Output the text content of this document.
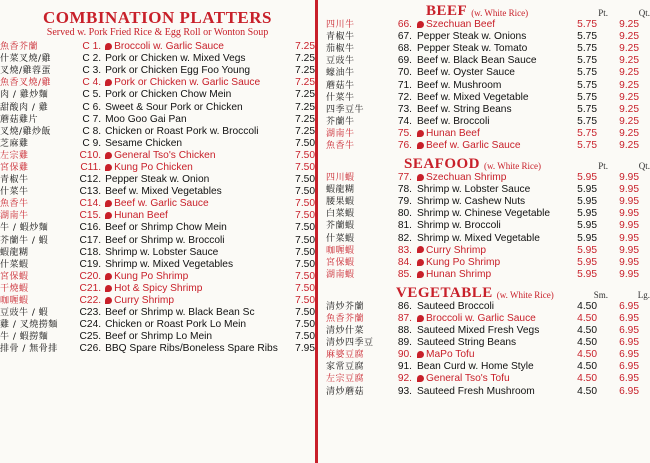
COMBINATION PLATTERS
Served w. Pork Fried Rice & Egg Roll or Wonton Soup
魚香芥蘭	C 1.	Broccoli w. Garlic Sauce	7.25
什菜叉燒/雞	C 2. Pork or Chicken w. Mixed Vegs	7.25
叉燒/雞蓉蛋	C 3. Pork or Chicken Egg Foo Young	7.25
魚香叉燒/雞	C 4.	Pork or Chicken w. Garlic Sauce	7.25
肉 / 雞炒麵	C 5. Pork or Chicken Chow Mein	7.25
甜酸肉 / 雞	C 6. Sweet & Sour Pork or Chicken	7.25
蘑菇雞片	C 7. Moo Goo Gai Pan	7.25
叉燒/雞炒飯	C 8. Chicken or Roast Pork w. Broccoli	7.25
芝麻雞	C 9. Sesame Chicken	7.50
左宗雞	C10.	General Tso's Chicken	7.50
宮保雞	C11.	Kung Po Chicken	7.50
青椒牛	C12. Pepper Steak w. Onion	7.50
什菜牛	C13. Beef w. Mixed Vegetables	7.50
魚香牛	C14.	Beef w. Garlic Sauce	7.50
湖南牛	C15.	Hunan Beef	7.50
牛 / 蝦炒麵	C16. Beef or Shrimp Chow Mein	7.50
芥蘭牛 / 蝦	C17. Beef or Shrimp w. Broccoli	7.50
蝦龍糊	C18. Shrimp w. Lobster Sauce	7.50
什菜蝦	C19. Shrimp w. Mixed Vegetables	7.50
宮保蝦	C20.	Kung Po Shrimp	7.50
干燒蝦	C21.	Hot & Spicy Shrimp	7.50
咖喱蝦	C22.	Curry Shrimp	7.50
豆豉牛 / 蝦	C23. Beef or Shrimp w. Black Bean Sc	7.50
雞 / 叉燒撈麵	C24. Chicken or Roast Pork Lo Mein	7.50
牛 / 蝦撈麵	C25. Beef or Shrimp Lo Mein	7.50
排骨 / 無骨排	C26. BBQ Spare Ribs/Boneless Spare Ribs	7.95
BEEF (w. White Rice)	Pt.	Qt.
四川牛	66.	Szechuan Beef	5.75	9.25
青椒牛	67. Pepper Steak w. Onions	5.75	9.25
茄椒牛	68. Pepper Steak w. Tomato	5.75	9.25
豆豉牛	69. Beef w. Black Bean Sauce	5.75	9.25
蠔油牛	70. Beef w. Oyster Sauce	5.75	9.25
蘑菇牛	71. Beef w. Mushroom	5.75	9.25
什菜牛	72. Beef w. Mixed Vegetable	5.75	9.25
四季豆牛	73. Beef w. String Beans	5.75	9.25
芥蘭牛	74. Beef w. Broccoli	5.75	9.25
湖南牛	75.	Hunan Beef	5.75	9.25
魚香牛	76.	Beef w. Garlic Sauce	5.75	9.25
SEAFOOD (w. White Rice)	Pt.	Qt.
四川蝦	77.	Szechuan Shrimp	5.95	9.95
蝦龍糊	78. Shrimp w. Lobster Sauce	5.95	9.95
腰果蝦	79. Shrimp w. Cashew Nuts	5.95	9.95
白菜蝦	80. Shrimp w. Chinese Vegetable	5.95	9.95
芥蘭蝦	81. Shrimp w. Broccoli	5.95	9.95
什菜蝦	82. Shrimp w. Mixed Vegetable	5.95	9.95
咖喱蝦	83.	Curry Shrimp	5.95	9.95
宮保蝦	84.	Kung Po Shrimp	5.95	9.95
湖南蝦	85.	Hunan Shrimp	5.95	9.95
VEGETABLE (w. White Rice)	Sm.	Lg.
清炒芥蘭	86. Sauteed Broccoli	4.50	6.95
魚香芥蘭	87.	Broccoli w. Garlic Sauce	4.50	6.95
清炒什菜	88. Sauteed Mixed Fresh Vegs	4.50	6.95
清炒四季豆	89. Sauteed String Beans	4.50	6.95
麻婆豆腐	90.	MaPo Tofu	4.50	6.95
家常豆腐	91. Bean Curd w. Home Style	4.50	6.95
左宗豆腐	92.	General Tso's Tofu	4.50	6.95
清炒蘑菇	93. Sauteed Fresh Mushroom	4.50	6.95
